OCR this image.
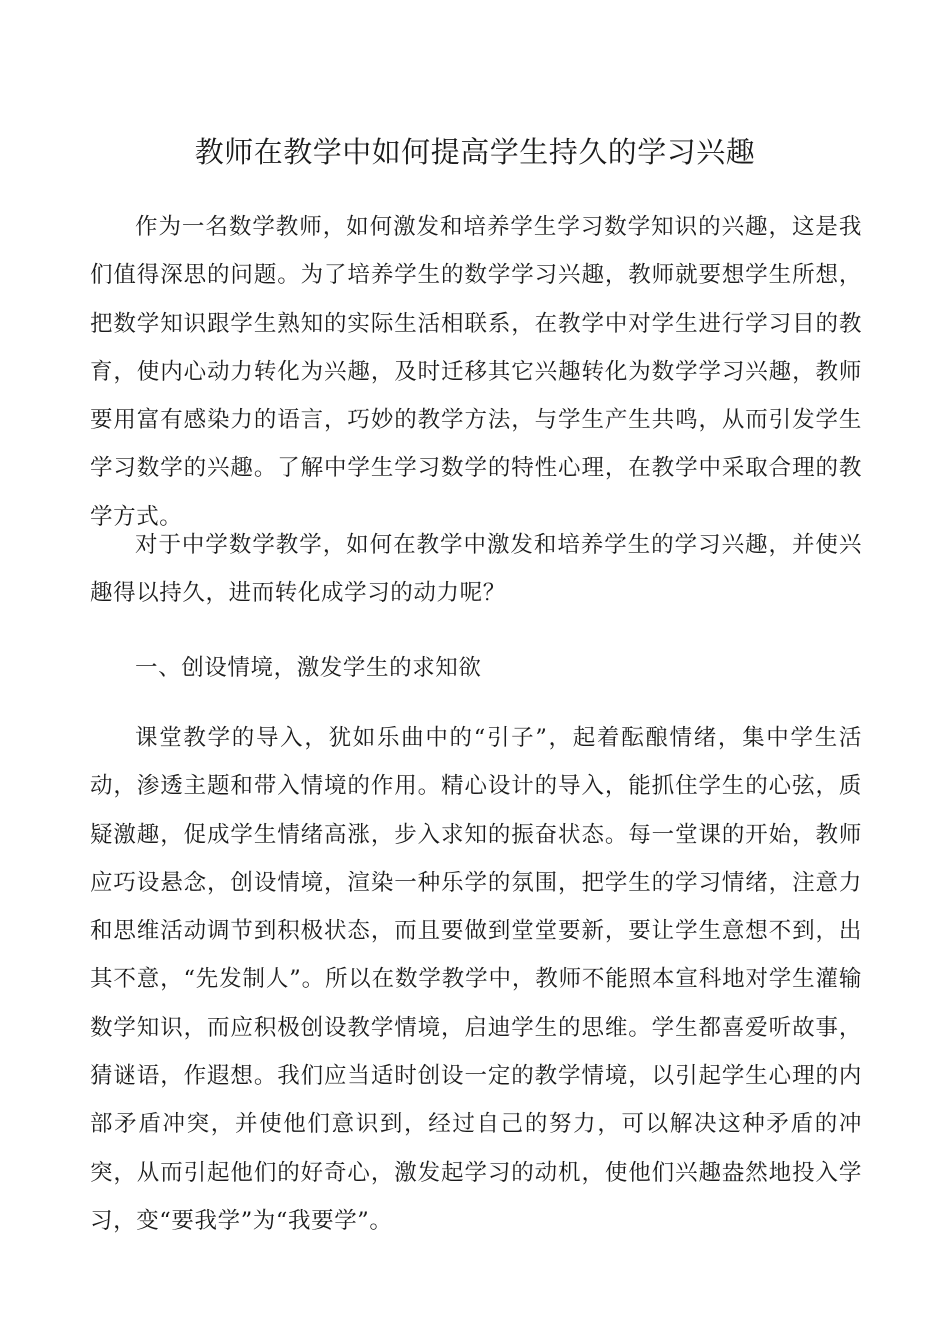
教师在教学中如何提高学生持久的学习兴趣

作为一名数学教师，如何激发和培养学生学习数学知识的兴趣，这是我们值得深思的问题。为了培养学生的数学学习兴趣，教师就要想学生所想，把数学知识跟学生熟知的实际生活相联系，在教学中对学生进行学习目的教育，使内心动力转化为兴趣，及时迁移其它兴趣转化为数学学习兴趣，教师要用富有感染力的语言，巧妙的教学方法，与学生产生共鸣，从而引发学生学习数学的兴趣。了解中学生学习数学的特性心理，在教学中采取合理的教学方式。

对于中学数学教学，如何在教学中激发和培养学生的学习兴趣，并使兴趣得以持久，进而转化成学习的动力呢？

一、创设情境，激发学生的求知欲

课堂教学的导入，犹如乐曲中的“引子”，起着酝酿情绪，集中学生活动，渗透主题和带入情境的作用。精心设计的导入，能抓住学生的心弦，质疑激趣，促成学生情绪高涨，步入求知的振奋状态。每一堂课的开始，教师应巧设悬念，创设情境，渲染一种乐学的氛围，把学生的学习情绪，注意力和思维活动调节到积极状态，而且要做到堂堂要新，要让学生意想不到，出其不意，“先发制人”。所以在数学教学中，教师不能照本宣科地对学生灌输数学知识，而应积极创设教学情境，启迪学生的思维。学生都喜爱听故事，猜谜语，作遐想。我们应当适时创设一定的教学情境，以引起学生心理的内部矛盾冲突，并使他们意识到，经过自己的努力，可以解决这种矛盾的冲突，从而引起他们的好奇心，激发起学习的动机，使他们兴趣盎然地投入学习，变“要我学”为“我要学”。
